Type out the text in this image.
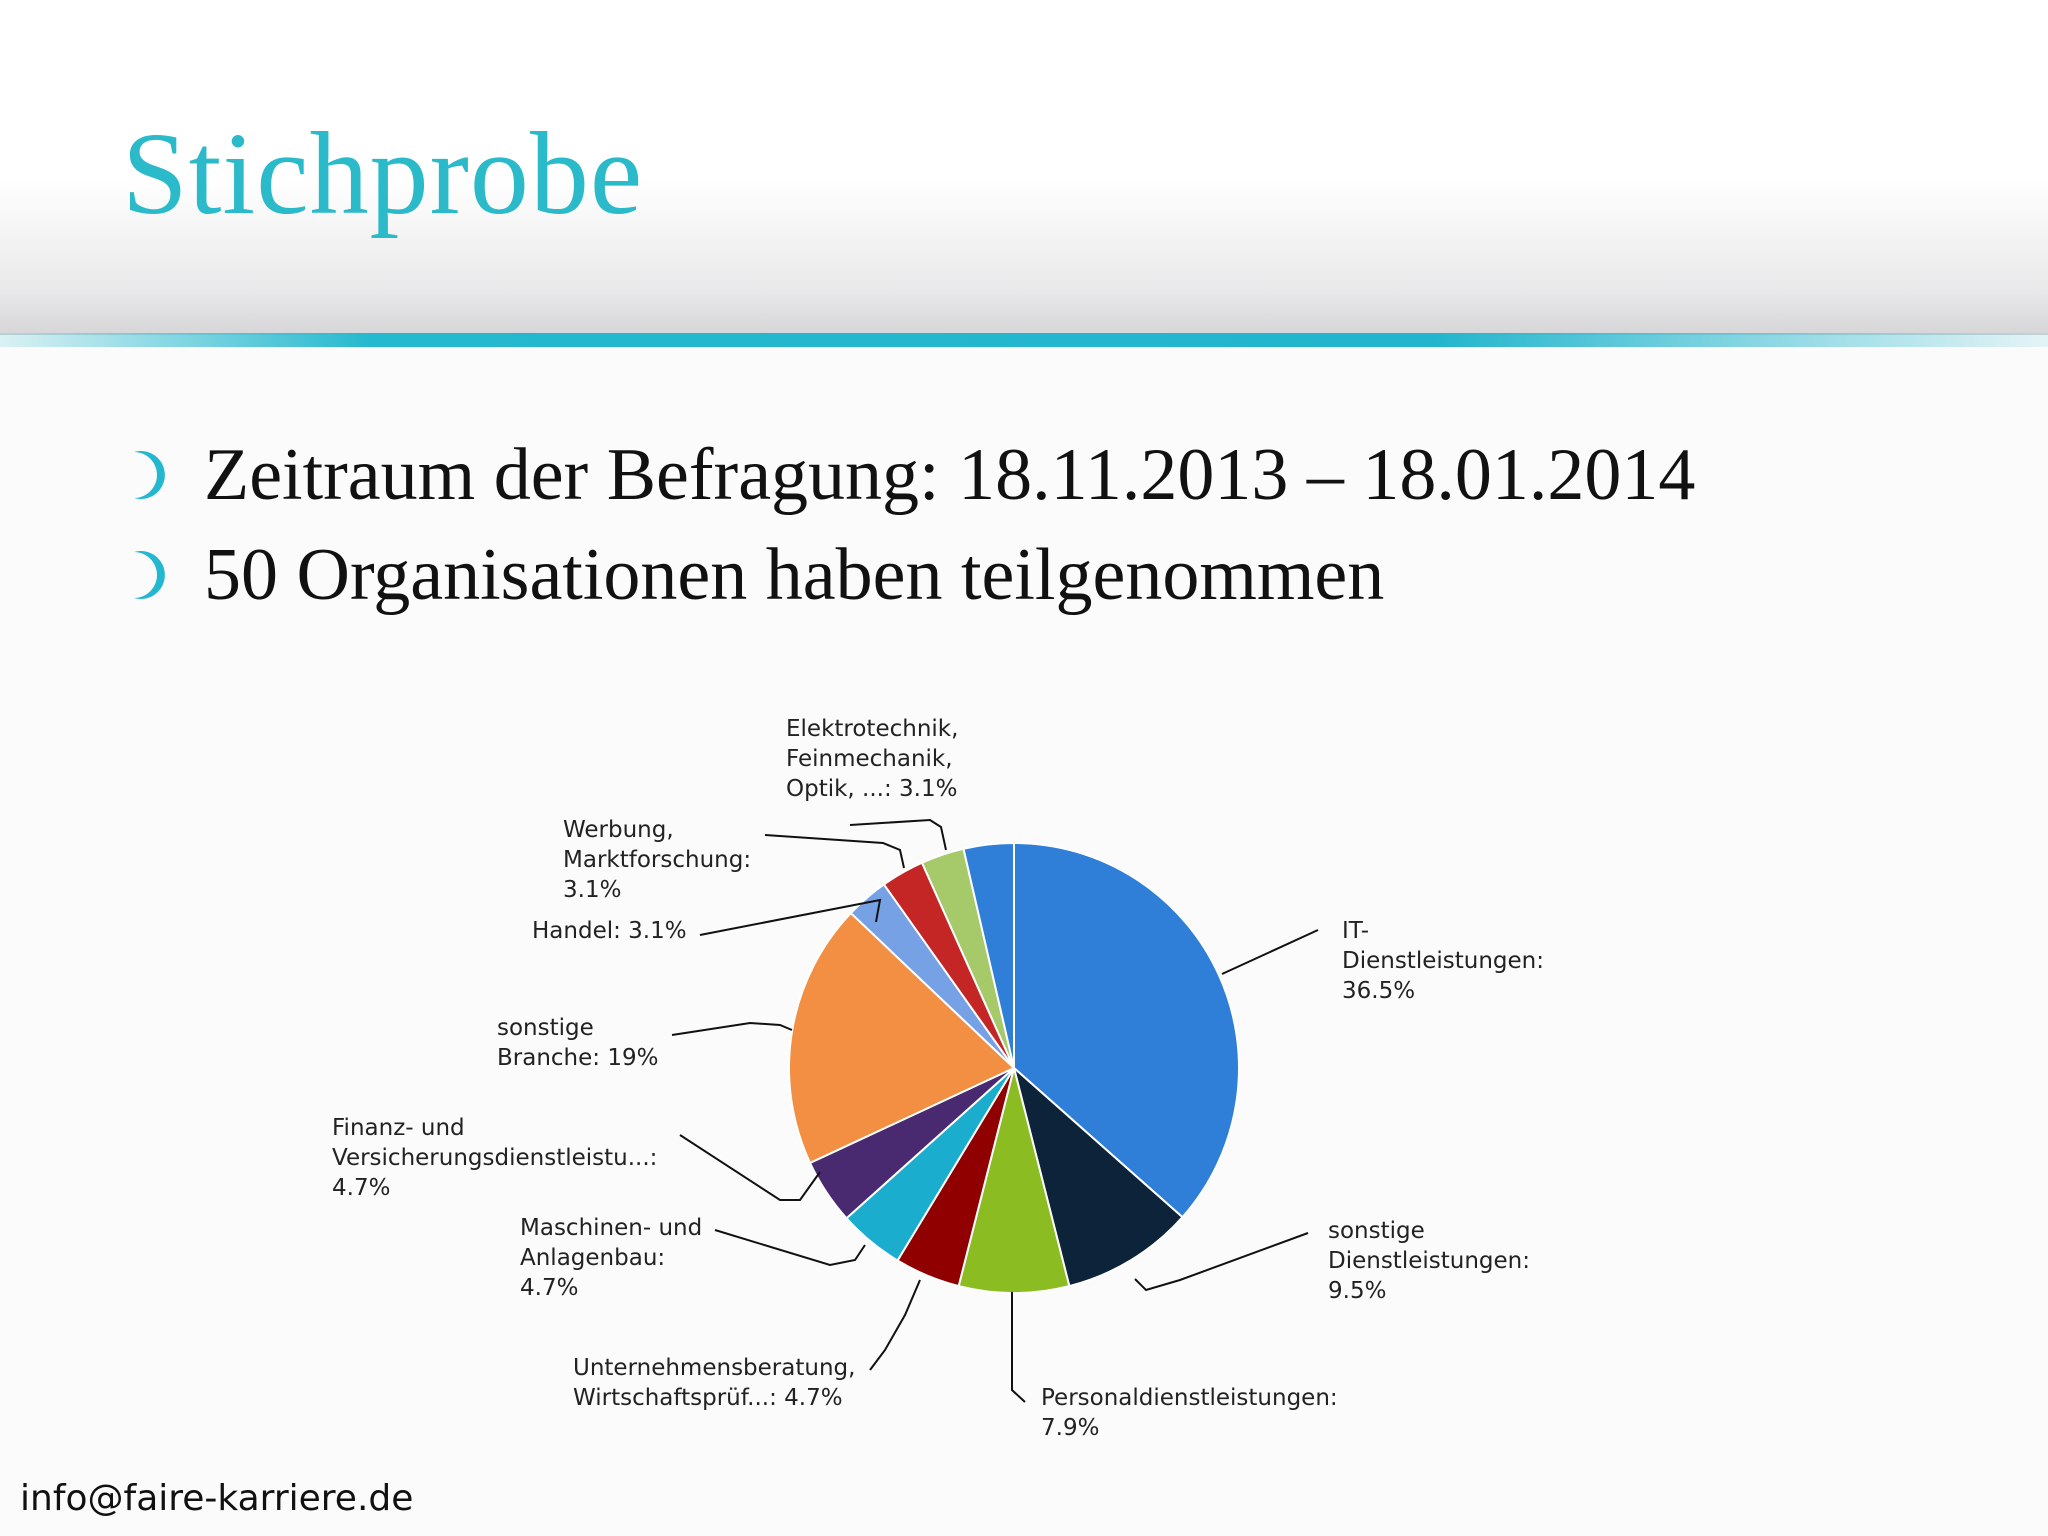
Stichprobe
Zeitraum der Befragung: 18.11.2013 – 18.01.2014
50 Organisationen haben teilgenommen
IT-Dienstleistungen: 36.5%
sonstige Dienstleistungen: 9.5%
Personaldienstleistungen: 7.9%
Unternehmensberatung, Wirtschaftsprüf...: 4.7%
Maschinen- und Anlagenbau: 4.7%
Finanz- und Versicherungsdienstleistu...: 4.7%
sonstige Branche: 19%
Handel: 3.1%
Werbung, Marktforschung: 3.1%
Elektrotechnik, Feinmechanik, Optik, ...: 3.1%
info@faire-karriere.de
